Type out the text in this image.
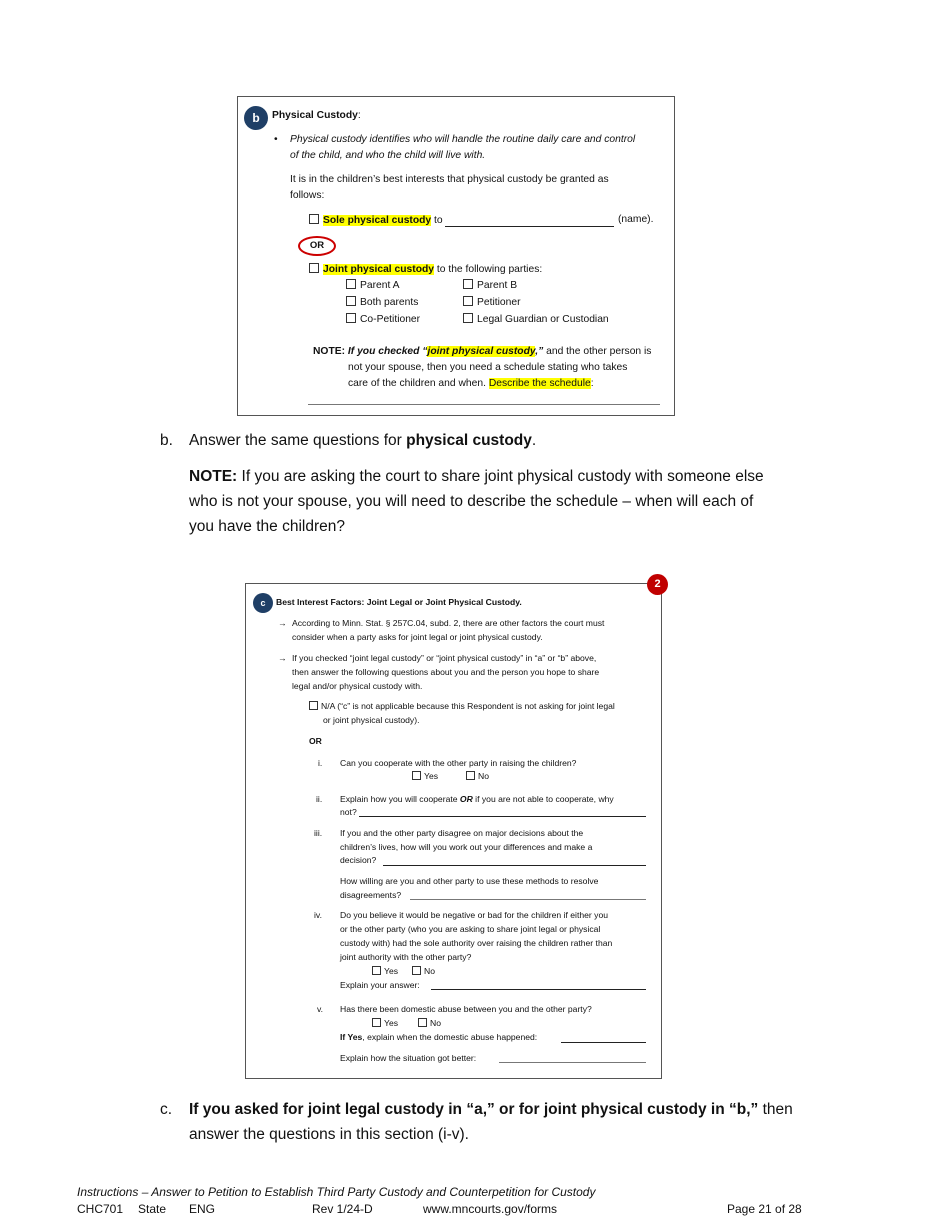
b	Physical Custody:
• Physical custody identifies who will handle the routine daily care and control
of the child, and who the child will live with.
It is in the children’s best interests that physical custody be granted as
follows:
Sole physical custody to	(name).
OR
Joint physical custody to the following parties:
Parent A	Parent B
Both parents	Petitioner
Co-Petitioner	Legal Guardian or Custodian
NOTE: If you checked “joint physical custody,” and the other person is
not your spouse, then you need a schedule stating who takes
care of the children and when. Describe the schedule:
b. Answer the same questions for physical custody.
NOTE: If you are asking the court to share joint physical custody with someone else
who is not your spouse, you will need to describe the schedule – when will each of
you have the children?
c	Best Interest Factors: Joint Legal or Joint Physical Custody.
→ According to Minn. Stat. § 257C.04, subd. 2, there are other factors the court must
consider when a party asks for joint legal or joint physical custody.
→ If you checked “joint legal custody” or “joint physical custody” in “a” or “b” above,
then answer the following questions about you and the person you hope to share
legal and/or physical custody with.
N/A (“c” is not applicable because this Respondent is not asking for joint legal
or joint physical custody).
OR
i. Can you cooperate with the other party in raising the children?
Yes	No
ii. Explain how you will cooperate OR if you are not able to cooperate, why
not?
iii. If you and the other party disagree on major decisions about the
children’s lives, how will you work out your differences and make a
decision?
How willing are you and other party to use these methods to resolve
disagreements?
iv. Do you believe it would be negative or bad for the children if either you
or the other party (who you are asking to share joint legal or physical
custody with) had the sole authority over raising the children rather than
joint authority with the other party?
Yes	No
Explain your answer:
v. Has there been domestic abuse between you and the other party?
Yes	No
If Yes, explain when the domestic abuse happened:
Explain how the situation got better:
2
c. If you asked for joint legal custody in “a,” or for joint physical custody in “b,” then
answer the questions in this section (i-v).
Instructions – Answer to Petition to Establish Third Party Custody and Counterpetition for Custody
CHC701 State ENG	Rev 1/24-D	www.mncourts.gov/forms	Page 21 of 28
